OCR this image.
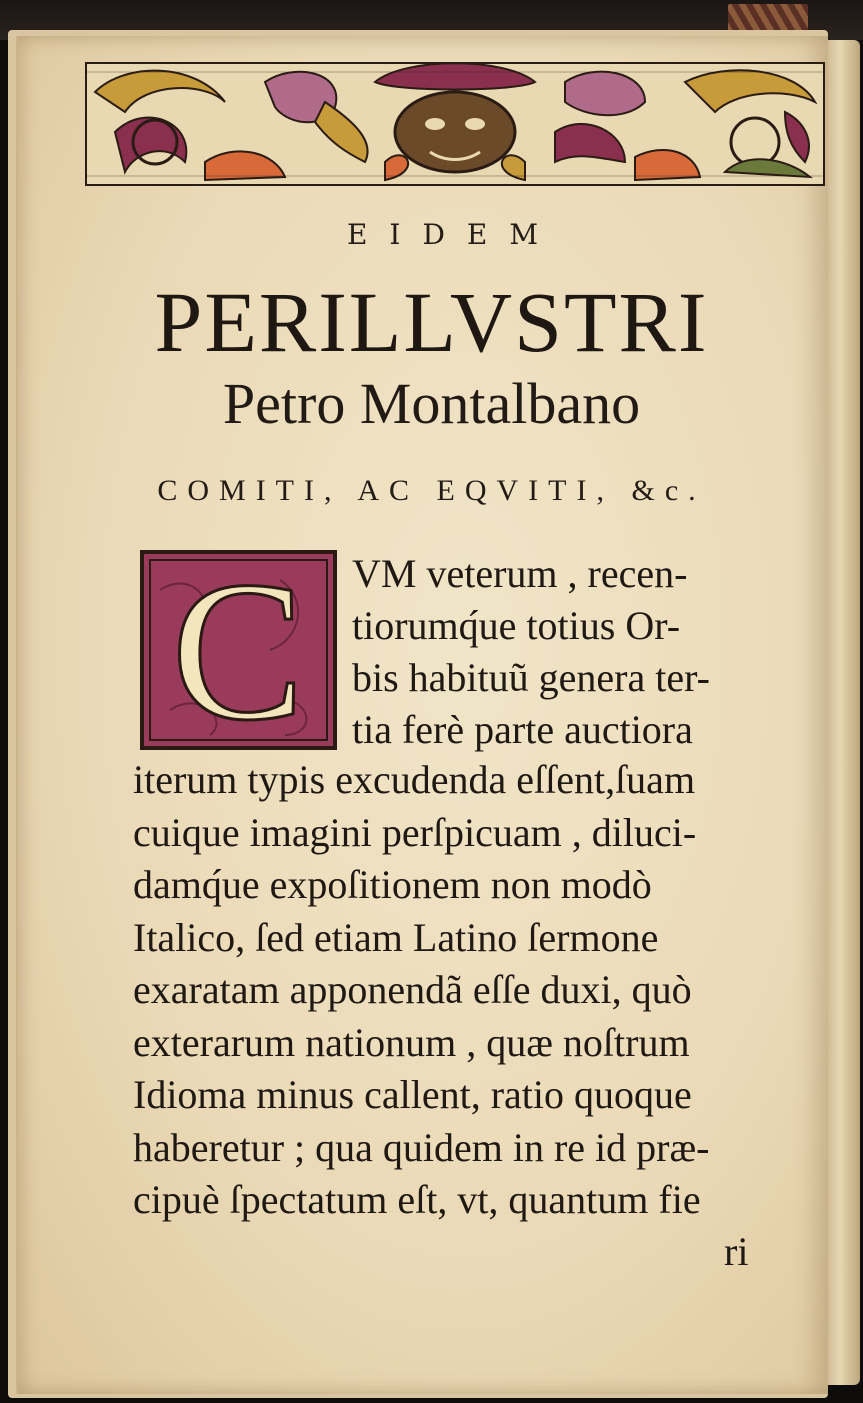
EIDEM
PERILLVSTRI
Petro Montalbano
COMITI, AC EQVITI, &c.
C VM veterum , recen-
tiorumq́ue totius Or-
bis habituũ genera ter-
tia ferè parte auctiora
iterum typis excudenda eſſent,ſuam
cuique imagini perſpicuam , diluci-
damq́ue expoſitionem non modò
Italico, ſed etiam Latino ſermone
exaratam apponendã eſſe duxi, quò
exterarum nationum , quæ noſtrum
Idioma minus callent, ratio quoque
haberetur ; qua quidem in re id præ-
cipuè ſpectatum eſt, vt, quantum fie
ri
